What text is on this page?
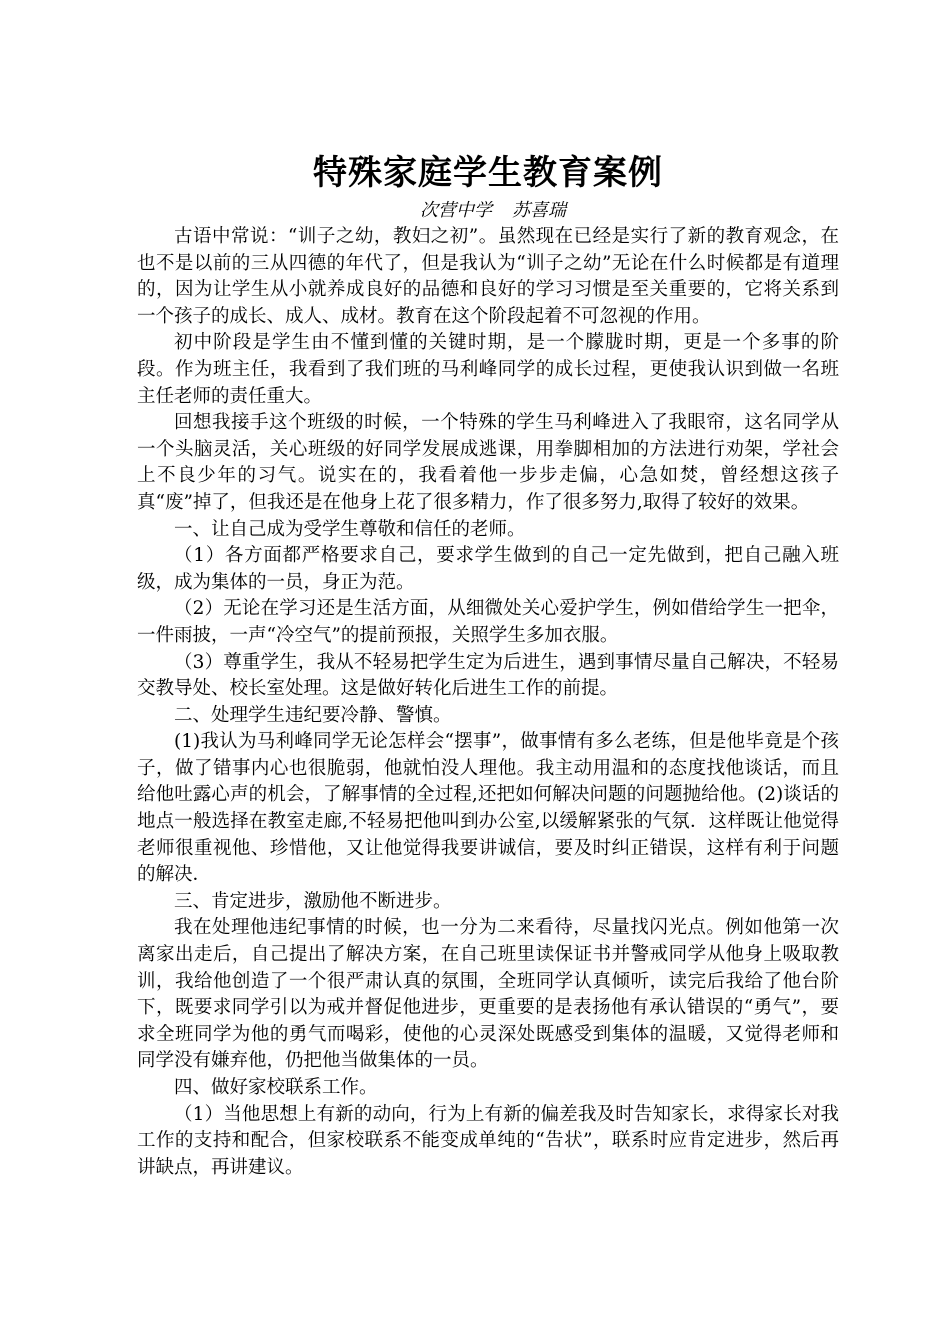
特殊家庭学生教育案例
次营中学 苏喜瑞

古语中常说：“训子之幼，教妇之初”。虽然现在已经是实行了新的教育观念，在也不是以前的三从四德的年代了，但是我认为“训子之幼”无论在什么时候都是有道理的，因为让学生从小就养成良好的品德和良好的学习习惯是至关重要的，它将关系到一个孩子的成长、成人、成材。教育在这个阶段起着不可忽视的作用。

初中阶段是学生由不懂到懂的关键时期，是一个朦胧时期，更是一个多事的阶段。作为班主任，我看到了我们班的马利峰同学的成长过程，更使我认识到做一名班主任老师的责任重大。

回想我接手这个班级的时候，一个特殊的学生马利峰进入了我眼帘，这名同学从一个头脑灵活，关心班级的好同学发展成逃课，用拳脚相加的方法进行劝架，学社会上不良少年的习气。说实在的，我看着他一步步走偏，心急如焚，曾经想这孩子真“废”掉了，但我还是在他身上花了很多精力，作了很多努力,取得了较好的效果。

一、让自己成为受学生尊敬和信任的老师。

（1）各方面都严格要求自己，要求学生做到的自己一定先做到，把自己融入班级，成为集体的一员，身正为范。

（2）无论在学习还是生活方面，从细微处关心爱护学生，例如借给学生一把伞，一件雨披，一声“冷空气”的提前预报，关照学生多加衣服。

（3）尊重学生，我从不轻易把学生定为后进生，遇到事情尽量自己解决，不轻易交教导处、校长室处理。这是做好转化后进生工作的前提。

二、处理学生违纪要冷静、警慎。

(1)我认为马利峰同学无论怎样会“摆事”，做事情有多么老练，但是他毕竟是个孩子，做了错事内心也很脆弱，他就怕没人理他。我主动用温和的态度找他谈话，而且给他吐露心声的机会，了解事情的全过程,还把如何解决问题的问题抛给他。(2)谈话的地点一般选择在教室走廊,不轻易把他叫到办公室,以缓解紧张的气氛．这样既让他觉得老师很重视他、珍惜他，又让他觉得我要讲诚信，要及时纠正错误，这样有利于问题的解决．

三、肯定进步，激励他不断进步。

我在处理他违纪事情的时候，也一分为二来看待，尽量找闪光点。例如他第一次离家出走后，自己提出了解决方案，在自己班里读保证书并警戒同学从他身上吸取教训，我给他创造了一个很严肃认真的氛围，全班同学认真倾听，读完后我给了他台阶下，既要求同学引以为戒并督促他进步，更重要的是表扬他有承认错误的“勇气”，要求全班同学为他的勇气而喝彩，使他的心灵深处既感受到集体的温暖，又觉得老师和同学没有嫌弃他，仍把他当做集体的一员。

四、做好家校联系工作。

（1）当他思想上有新的动向，行为上有新的偏差我及时告知家长，求得家长对我工作的支持和配合，但家校联系不能变成单纯的“告状”，联系时应肯定进步，然后再讲缺点，再讲建议。
